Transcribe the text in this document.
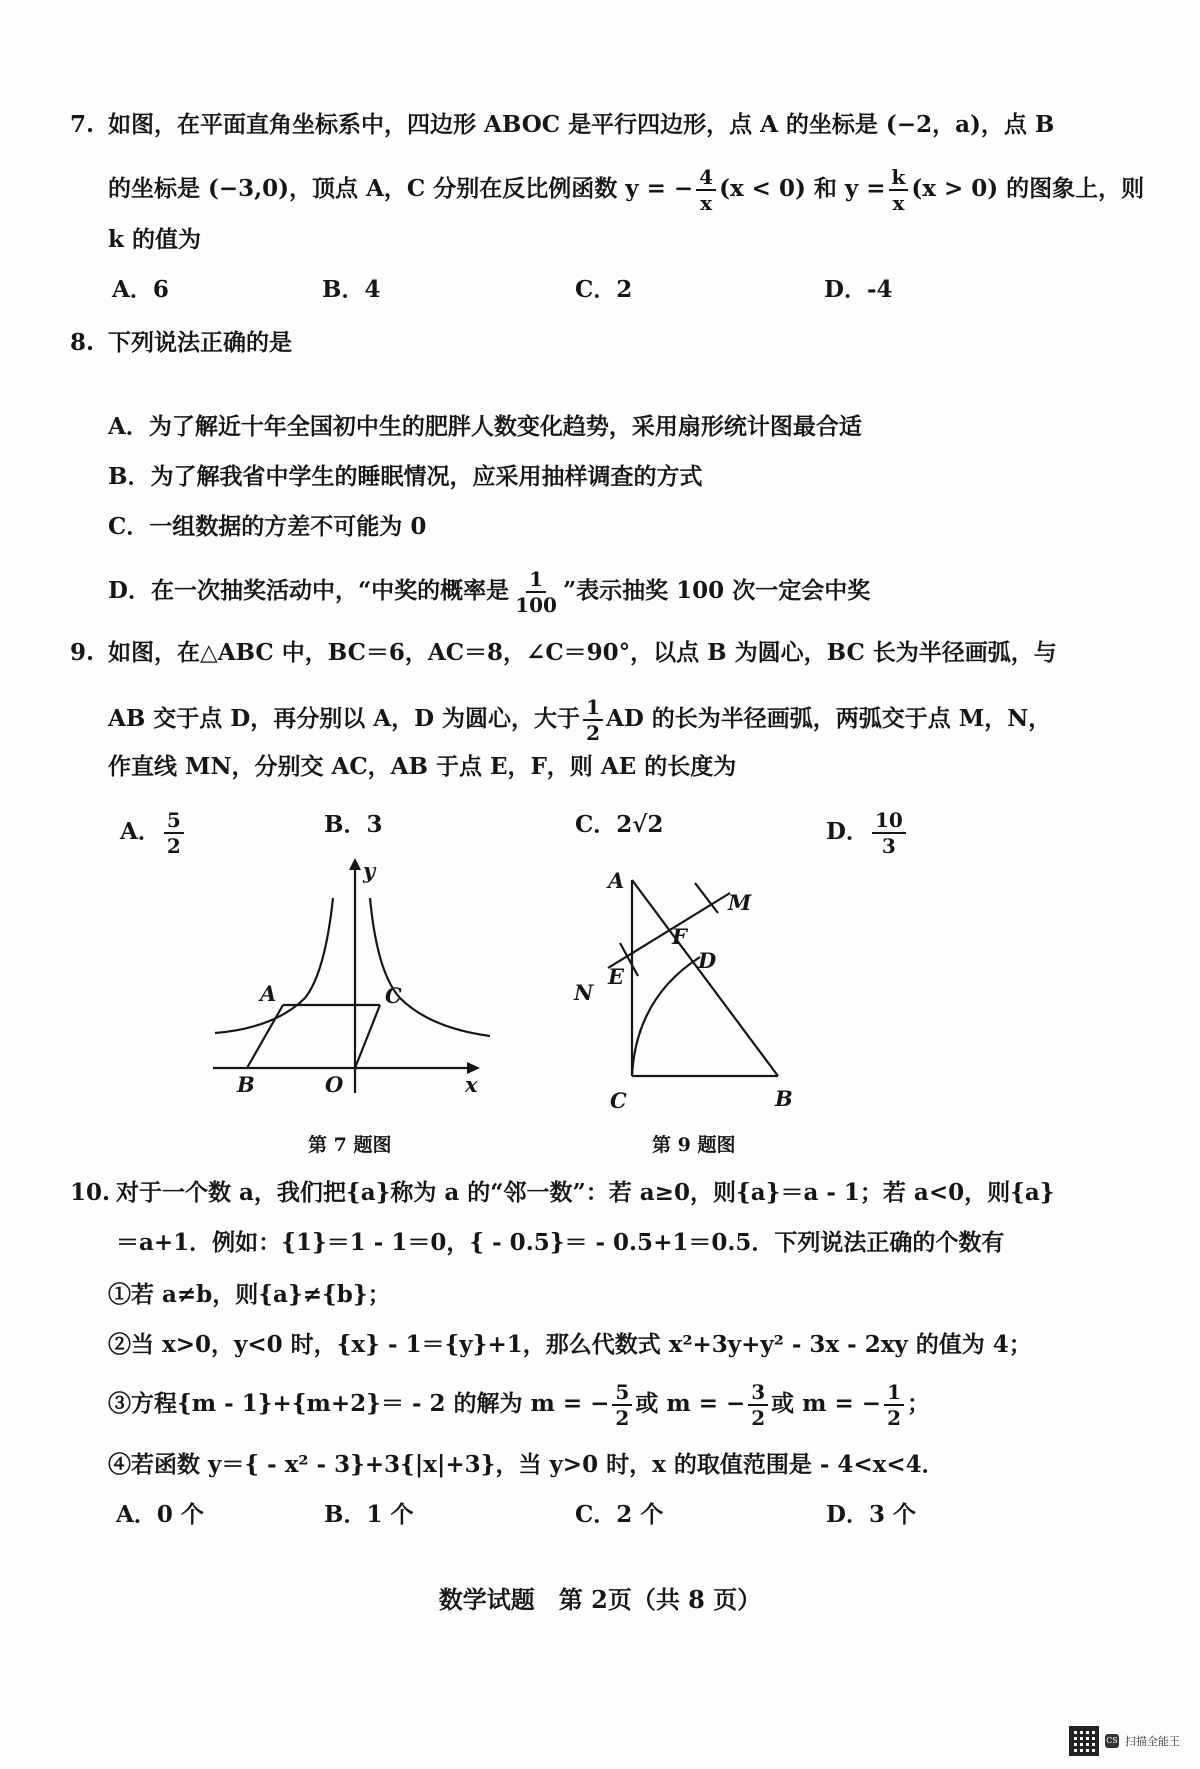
7. 如图，在平面直角坐标系中，四边形 ABOC 是平行四边形，点 A 的坐标是 (−2，a)，点 B
的坐标是 (−3,0)，顶点 A，C 分别在反比例函数 y = − $\frac{4}{x} (x < 0)$ 和 $y = \frac{k}{x} (x > 0)$ 的图象上，则
k 的值为
A．6	B．4	C．2	D．-4
8. 下列说法正确的是
A．为了解近十年全国初中生的肥胖人数变化趋势，采用扇形统计图最合适
B．为了解我省中学生的睡眠情况，应采用抽样调查的方式
C．一组数据的方差不可能为 0
D．在一次抽奖活动中，“中奖的概率是 $\frac{1}{100}$ ”表示抽奖 100 次一定会中奖
9. 如图，在△ABC 中，BC＝6，AC＝8，∠C＝90°，以点 B 为圆心，BC 长为半径画弧，与
AB 交于点 D，再分别以 A，D 为圆心，大于 $\frac{1}{2}$ AD 的长为半径画弧，两弧交于点 M，N，
作直线 MN，分别交 AC，AB 于点 E，F，则 AE 的长度为
A． $\frac{5}{2}$	B．3	C．2√2	D． $\frac{10}{3}$
y
x
A	C
B	O
第 7 题图
A
M
F
D
N
E
C	B
第 9 题图
10. 对于一个数 a，我们把{a}称为 a 的“邻一数”：若 a≥0，则{a}＝a - 1；若 a<0，则{a}
＝a+1．例如：{1}＝1 - 1＝0，{ - 0.5}＝ - 0.5+1＝0.5．下列说法正确的个数有
①若 a≠b，则{a}≠{b}；
②当 x>0，y<0 时，{x} - 1＝{y}+1，那么代数式 x²+3y+y² - 3x - 2xy 的值为 4；
③方程{m - 1}+{m+2}＝ - 2 的解为 m = − $\frac{5}{2}$ 或 m = − $\frac{3}{2}$ 或 m = − $\frac{1}{2}$ ；
④若函数 y＝{ - x² - 3}+3{|x|+3}，当 y>0 时，x 的取值范围是 - 4<x<4．
A．0 个	B．1 个	C．2 个	D．3 个
数学试题　第 2页（共 8 页）
CS 扫描全能王
